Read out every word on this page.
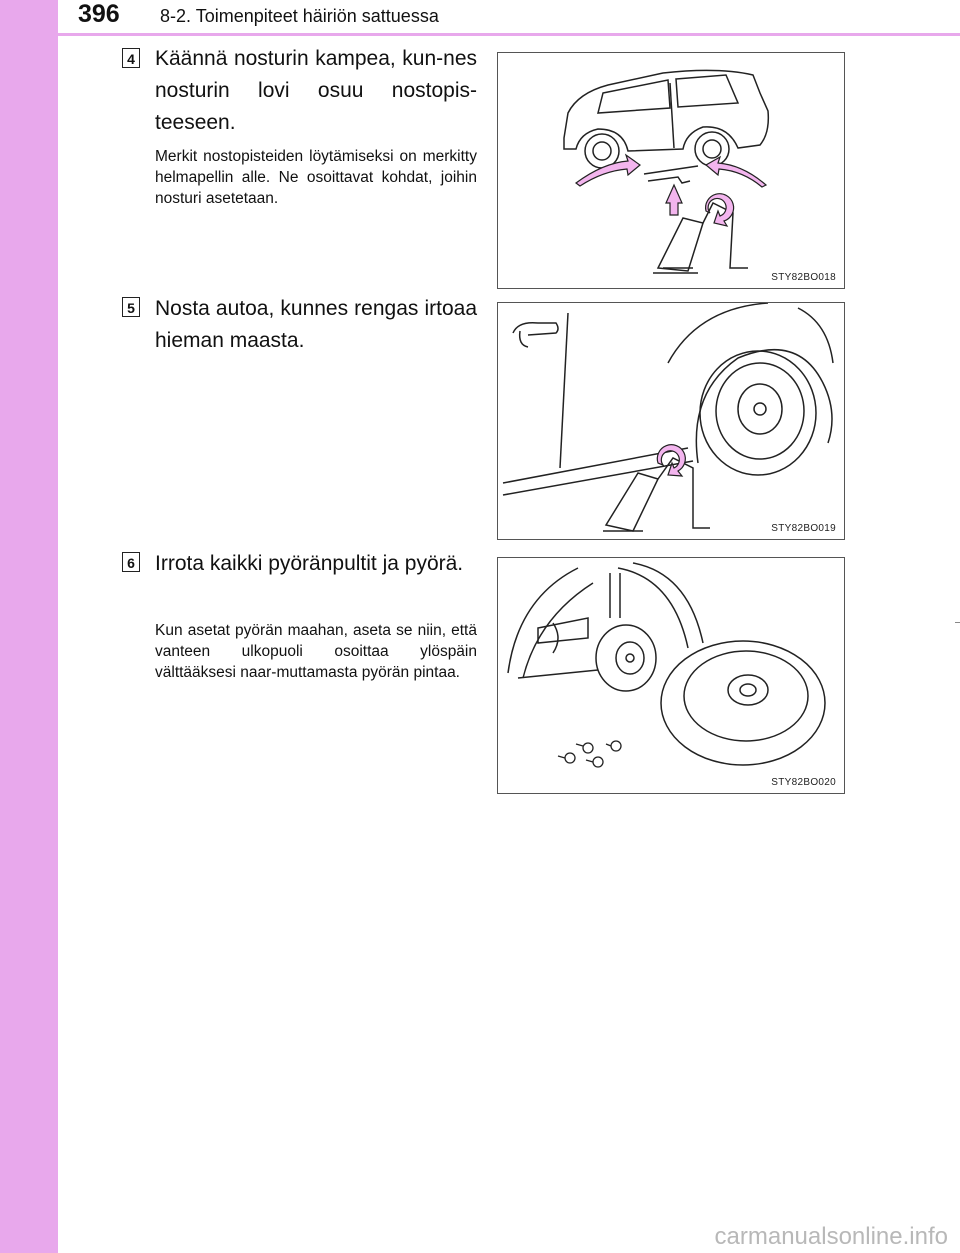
396 8-2. Toimenpiteet häiriön sattuessa
4 Käännä nosturin kampea, kun-nes nosturin lovi osuu nostopis-teeseen.
Merkit nostopisteiden löytämiseksi on merkitty helmapellin alle. Ne osoittavat kohdat, joihin nosturi asetetaan.
STY82BO018
5 Nosta autoa, kunnes rengas irtoaa hieman maasta.
STY82BO019
6 Irrota kaikki pyöränpultit ja pyörä.
Kun asetat pyörän maahan, aseta se niin, että vanteen ulkopuoli osoittaa ylöspäin välttääksesi naar-muttamasta pyörän pintaa.
STY82BO020
carmanualsonline.info
